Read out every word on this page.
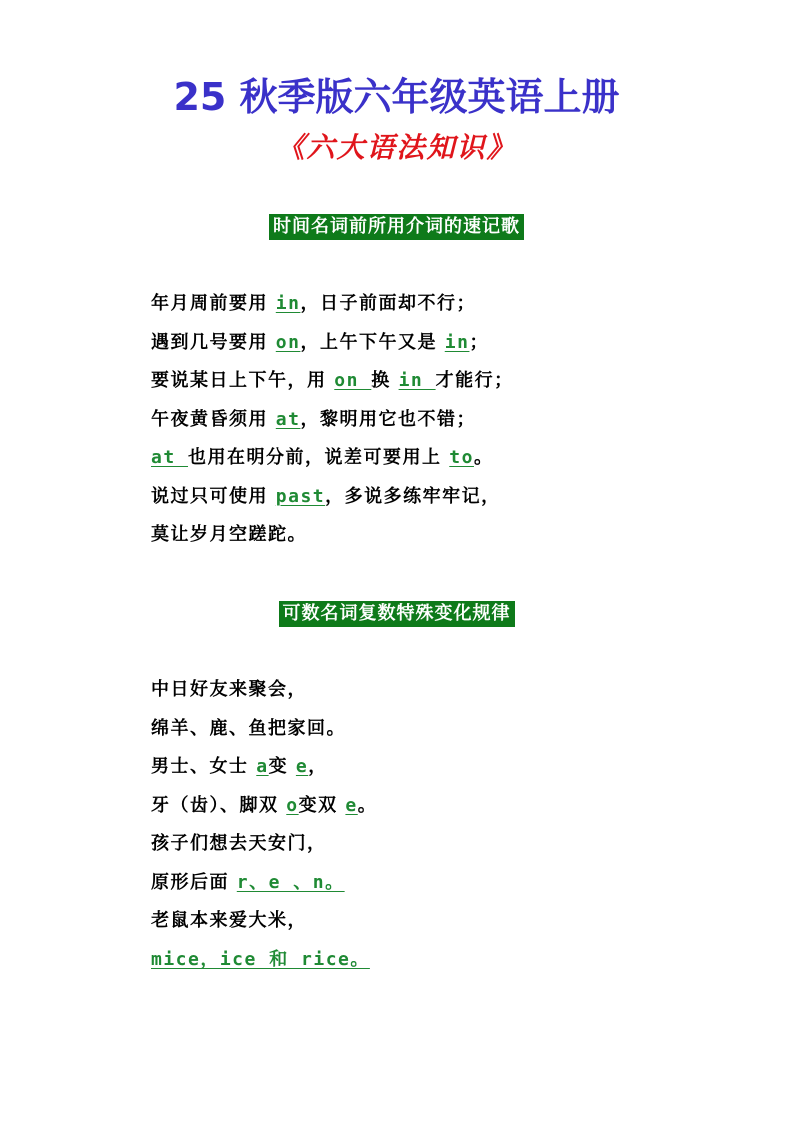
25 秋季版六年级英语上册
《六大语法知识》
时间名词前所用介词的速记歌
年月周前要用 in，日子前面却不行；
遇到几号要用 on，上午下午又是 in；
要说某日上下午，用 on 换 in 才能行；
午夜黄昏须用 at，黎明用它也不错；
at 也用在明分前，说差可要用上 to。
说过只可使用 past，多说多练牢牢记，
莫让岁月空蹉跎。
可数名词复数特殊变化规律
中日好友来聚会，
绵羊、鹿、鱼把家回。
男士、女士 a变 e，
牙（齿）、脚双 o变双 e。
孩子们想去天安门，
原形后面 r、e 、n。
老鼠本来爱大米，
mice，ice 和 rice。
